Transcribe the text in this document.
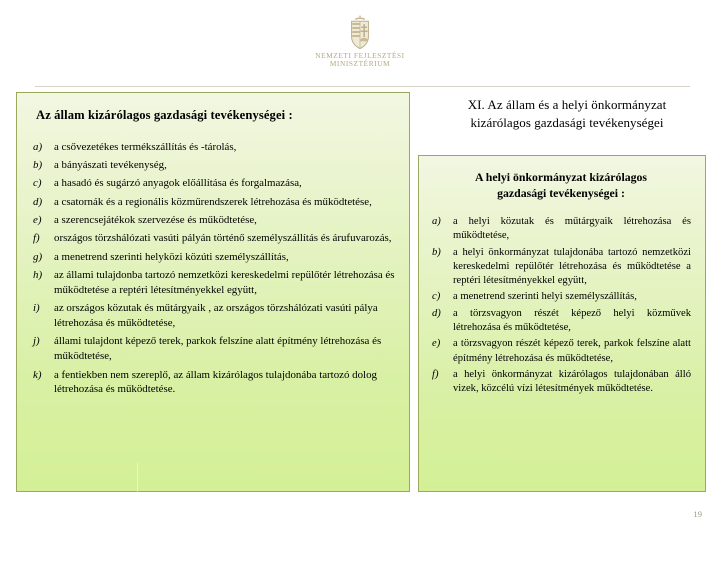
NEMZETI FEJLESZTÉSI
MINISZTÉRIUM
XI. Az állam és a helyi önkormányzat
kizárólagos gazdasági tevékenységei
Az állam kizárólagos gazdasági tevékenységei :
a)	a csővezetékes termékszállítás és -tárolás,
b)	a bányászati tevékenység,
c)	a hasadó és sugárzó anyagok előállítása és forgalmazása,
d)	a csatornák és a regionális közműrendszerek létrehozása és működtetése,
e)	a szerencsejátékok szervezése és működtetése,
f)	országos törzshálózati vasúti pályán történő személyszállítás és árufuvarozás,
g)	a menetrend szerinti helyközi közúti személyszállítás,
h)	az állami tulajdonba tartozó nemzetközi kereskedelmi repülőtér létrehozása és működtetése a reptéri létesítményekkel együtt,
i)	az országos közutak és műtárgyaik , az országos törzshálózati vasúti pálya létrehozása és működtetése,
j)	állami tulajdont képező terek, parkok felszíne alatt építmény létrehozása és működtetése,
k)	a fentiekben nem szereplő, az állam kizárólagos tulajdonába tartozó dolog létrehozása és működtetése.
A helyi önkormányzat kizárólagos
gazdasági tevékenységei :
a)	a helyi közutak és műtárgyaik létrehozása és működtetése,
b)	a helyi önkormányzat tulajdonába tartozó nemzetközi kereskedelmi repülőtér létrehozása és működtetése a reptéri létesítményekkel együtt,
c)	a menetrend szerinti helyi személyszállítás,
d)	a törzsvagyon részét képező helyi közművek létrehozása és működtetése,
e)	a törzsvagyon részét képező terek, parkok felszíne alatt építmény létrehozása és működtetése,
f)	a helyi önkormányzat kizárólagos tulajdonában álló vizek, közcélú vízi létesítmények működtetése.
19
